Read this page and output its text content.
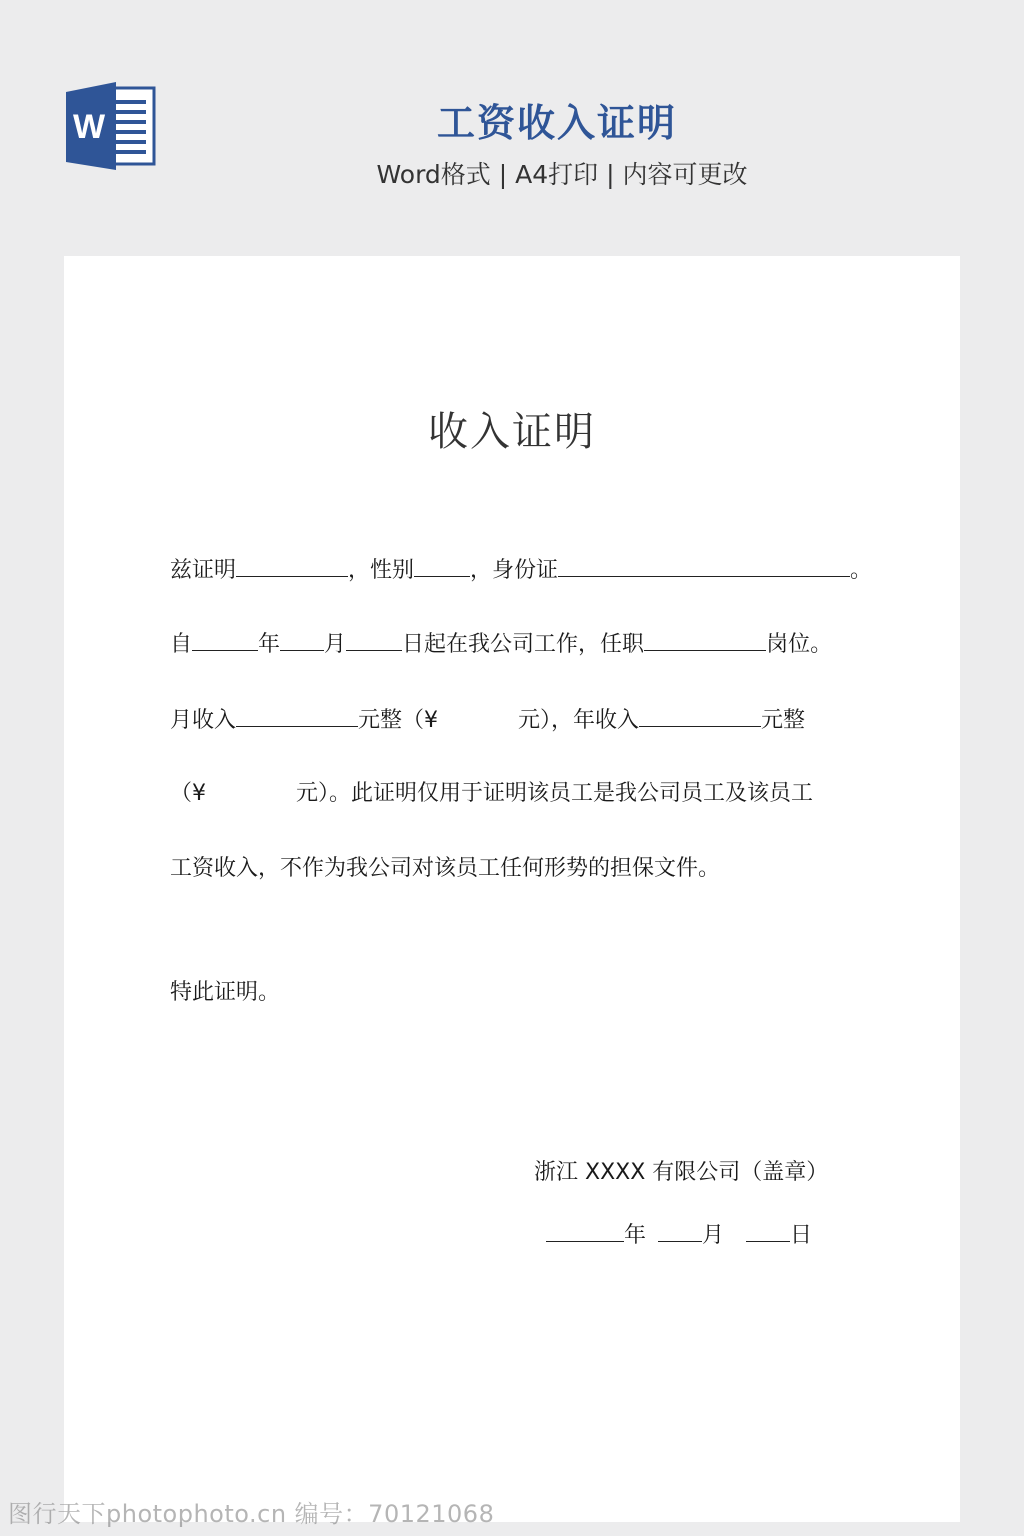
W	工资收入证明
Word格式 | A4打印 | 内容可更改
收入证明
兹证明	，性别	，身份证	。
自	年 月	日起在我公司工作，任职	岗位。
月收入	元整（¥	元），年收入	元整
（¥	元）。此证明仅用于证明该员工是我公司员工及该员工
工资收入，不作为我公司对该员工任何形势的担保文件。
特此证明。
浙江 XXXX 有限公司（盖章）
年	月	日
图行天下photophoto.cn 编号：70121068
